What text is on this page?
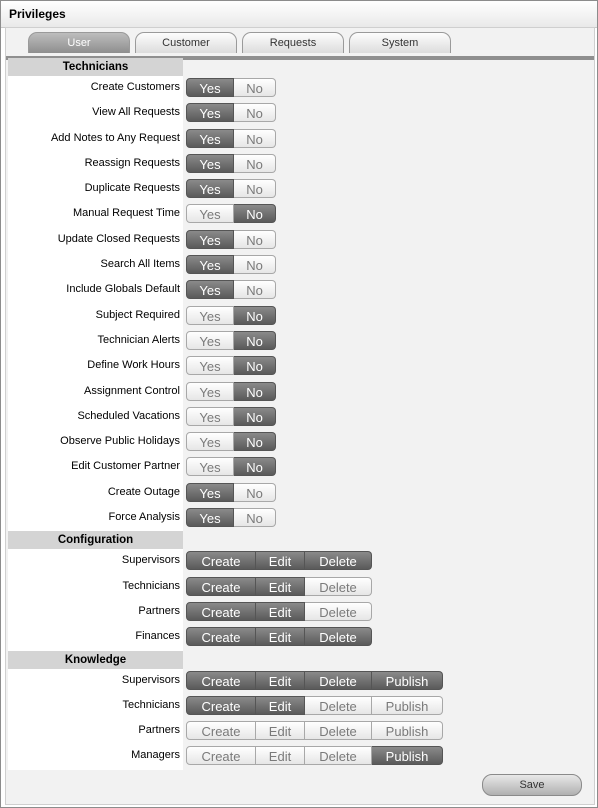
Privileges
User	Customer	Requests	System
Technicians
Create Customers	Yes	No
View All Requests	Yes	No
Add Notes to Any Request	Yes	No
Reassign Requests	Yes	No
Duplicate Requests	Yes	No
Manual Request Time	Yes	No
Update Closed Requests	Yes	No
Search All Items	Yes	No
Include Globals Default	Yes	No
Subject Required	Yes	No
Technician Alerts	Yes	No
Define Work Hours	Yes	No
Assignment Control	Yes	No
Scheduled Vacations	Yes	No
Observe Public Holidays	Yes	No
Edit Customer Partner	Yes	No
Create Outage	Yes	No
Force Analysis	Yes	No
Configuration
Supervisors	Create	Edit	Delete
Technicians	Create	Edit	Delete
Partners	Create	Edit	Delete
Finances	Create	Edit	Delete
Knowledge
Supervisors	Create	Edit	Delete	Publish
Technicians	Create	Edit	Delete	Publish
Partners	Create	Edit	Delete	Publish
Managers	Create	Edit	Delete	Publish
Save
